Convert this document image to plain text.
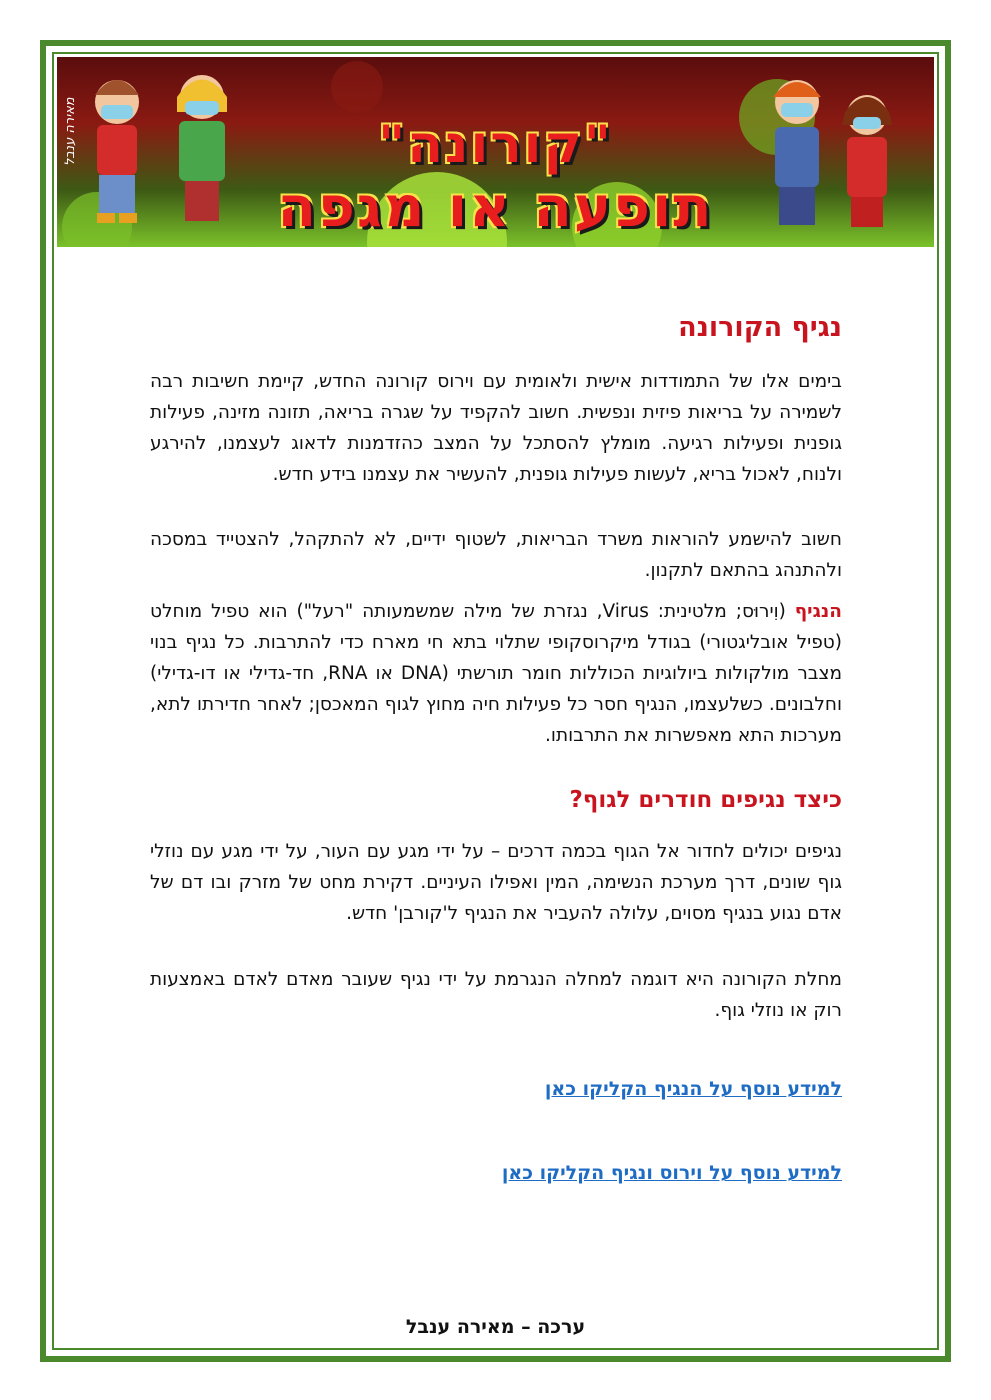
מאירה ענבל	"קורונה"
תופעה או מגפה
נגיף הקורונה

בימים אלו של התמודדות אישית ולאומית עם וירוס קורונה החדש, קיימת חשיבות רבה לשמירה על בריאות פיזית ונפשית. חשוב להקפיד על שגרה בריאה, תזונה מזינה, פעילות גופנית ופעילות רגיעה. מומלץ להסתכל על המצב כהזדמנות לדאוג לעצמנו, להירגע ולנוח, לאכול בריא, לעשות פעילות גופנית, להעשיר את עצמנו בידע חדש.

חשוב להישמע להוראות משרד הבריאות, לשטוף ידיים, לא להתקהל, להצטייד במסכה ולהתנהג בהתאם לתקנון.

הנגיף (וִירוּס; מלטינית: Virus, נגזרת של מילה שמשמעותה "רעל") הוא טפיל מוחלט (טפיל אובליגטורי) בגודל מיקרוסקופי שתלוי בתא חי מארח כדי להתרבות. כל נגיף בנוי מצבר מולקולות ביולוגיות הכוללות חומר תורשתי (DNA או RNA, חד-גדילי או דו-גדילי) וחלבונים. כשלעצמו, הנגיף חסר כל פעילות חיה מחוץ לגוף המאכסן; לאחר חדירתו לתא, מערכות התא מאפשרות את התרבותו.

כיצד נגיפים חודרים לגוף?

נגיפים יכולים לחדור אל הגוף בכמה דרכים – על ידי מגע עם העור, על ידי מגע עם נוזלי גוף שונים, דרך מערכת הנשימה, המין ואפילו העיניים. דקירת מחט של מזרק ובו דם של אדם נגוע בנגיף מסוים, עלולה להעביר את הנגיף ל'קורבן' חדש.

מחלת הקורונה היא דוגמה למחלה הנגרמת על ידי נגיף שעובר מאדם לאדם באמצעות רוק או נוזלי גוף.

למידע נוסף על הנגיף הקליקו כאן
למידע נוסף על וירוס ונגיף הקליקו כאן
ערכה – מאירה ענבל
